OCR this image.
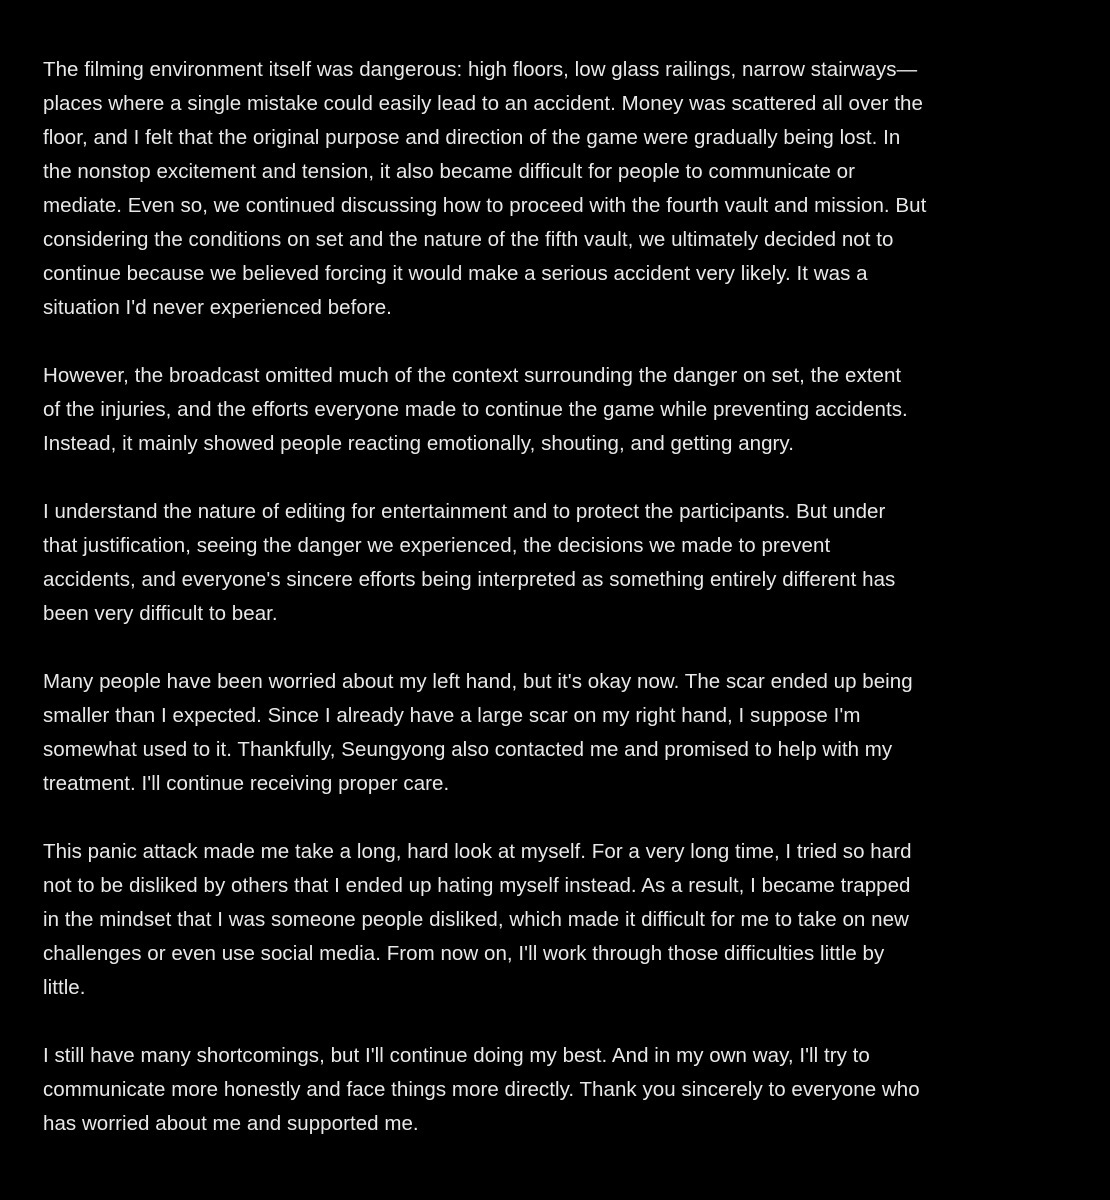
The filming environment itself was dangerous: high floors, low glass railings, narrow stairways—
places where a single mistake could easily lead to an accident. Money was scattered all over the
floor, and I felt that the original purpose and direction of the game were gradually being lost. In
the nonstop excitement and tension, it also became difficult for people to communicate or
mediate. Even so, we continued discussing how to proceed with the fourth vault and mission. But
considering the conditions on set and the nature of the fifth vault, we ultimately decided not to
continue because we believed forcing it would make a serious accident very likely. It was a
situation I'd never experienced before.

However, the broadcast omitted much of the context surrounding the danger on set, the extent
of the injuries, and the efforts everyone made to continue the game while preventing accidents.
Instead, it mainly showed people reacting emotionally, shouting, and getting angry.

I understand the nature of editing for entertainment and to protect the participants. But under
that justification, seeing the danger we experienced, the decisions we made to prevent
accidents, and everyone's sincere efforts being interpreted as something entirely different has
been very difficult to bear.

Many people have been worried about my left hand, but it's okay now. The scar ended up being
smaller than I expected. Since I already have a large scar on my right hand, I suppose I'm
somewhat used to it. Thankfully, Seungyong also contacted me and promised to help with my
treatment. I'll continue receiving proper care.

This panic attack made me take a long, hard look at myself. For a very long time, I tried so hard
not to be disliked by others that I ended up hating myself instead. As a result, I became trapped
in the mindset that I was someone people disliked, which made it difficult for me to take on new
challenges or even use social media. From now on, I'll work through those difficulties little by
little.

I still have many shortcomings, but I'll continue doing my best. And in my own way, I'll try to
communicate more honestly and face things more directly. Thank you sincerely to everyone who
has worried about me and supported me.
